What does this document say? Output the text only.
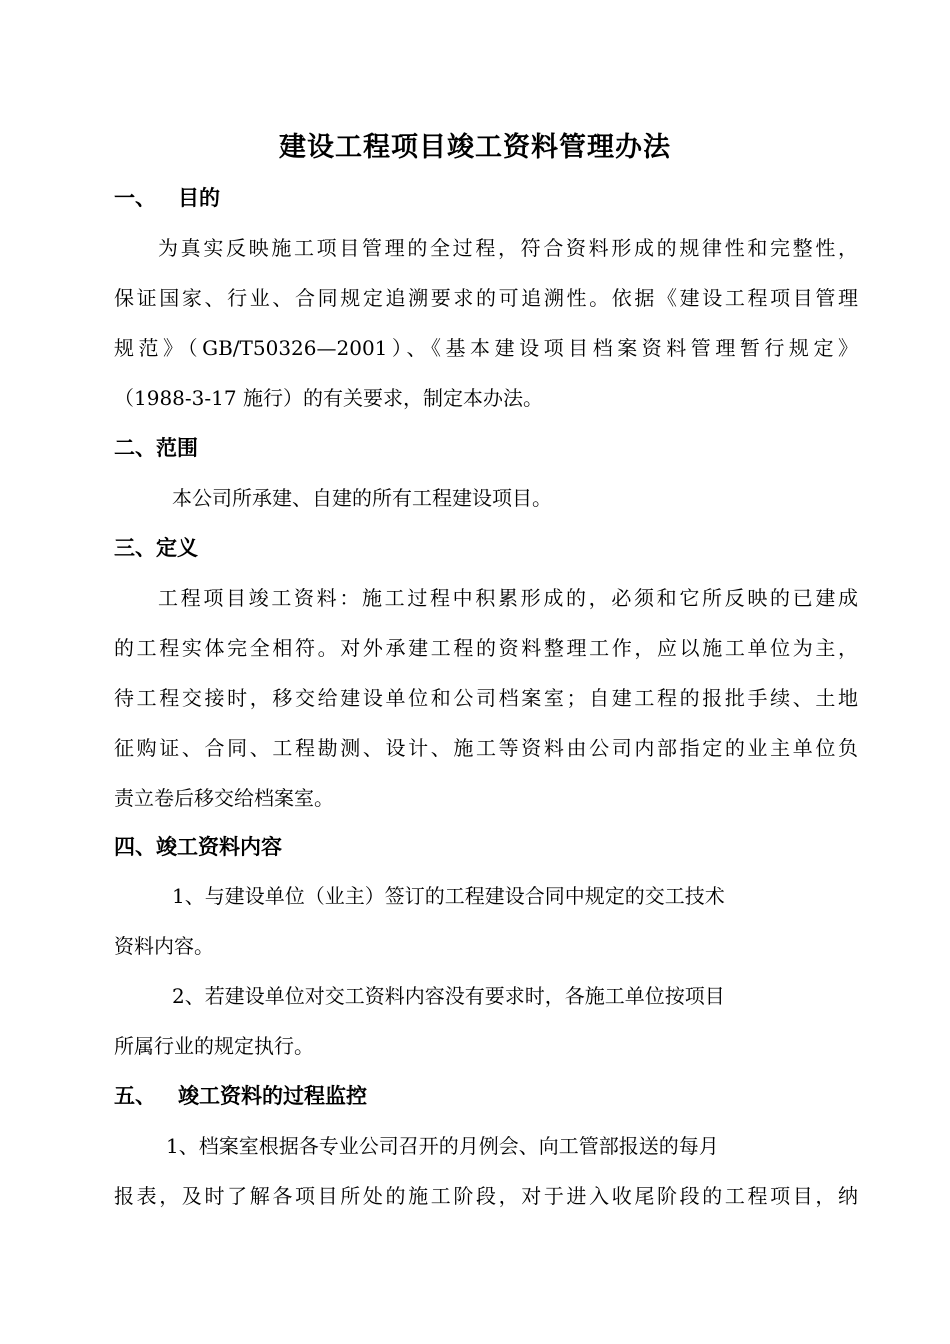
建设工程项目竣工资料管理办法
一、 目的
为真实反映施工项目管理的全过程，符合资料形成的规律性和完整性，
保证国家、行业、合同规定追溯要求的可追溯性。依据《建设工程项目管理
规范》（GB/T50326—2001）、《基本建设项目档案资料管理暂行规定》
（1988-3-17 施行）的有关要求，制定本办法。
二、范围
本公司所承建、自建的所有工程建设项目。
三、定义
工程项目竣工资料：施工过程中积累形成的，必须和它所反映的已建成
的工程实体完全相符。对外承建工程的资料整理工作，应以施工单位为主，
待工程交接时，移交给建设单位和公司档案室；自建工程的报批手续、土地
征购证、合同、工程勘测、设计、施工等资料由公司内部指定的业主单位负
责立卷后移交给档案室。
四、竣工资料内容
1、与建设单位（业主）签订的工程建设合同中规定的交工技术
资料内容。
2、若建设单位对交工资料内容没有要求时，各施工单位按项目
所属行业的规定执行。
五、 竣工资料的过程监控
1、档案室根据各专业公司召开的月例会、向工管部报送的每月
报表，及时了解各项目所处的施工阶段，对于进入收尾阶段的工程项目，纳
